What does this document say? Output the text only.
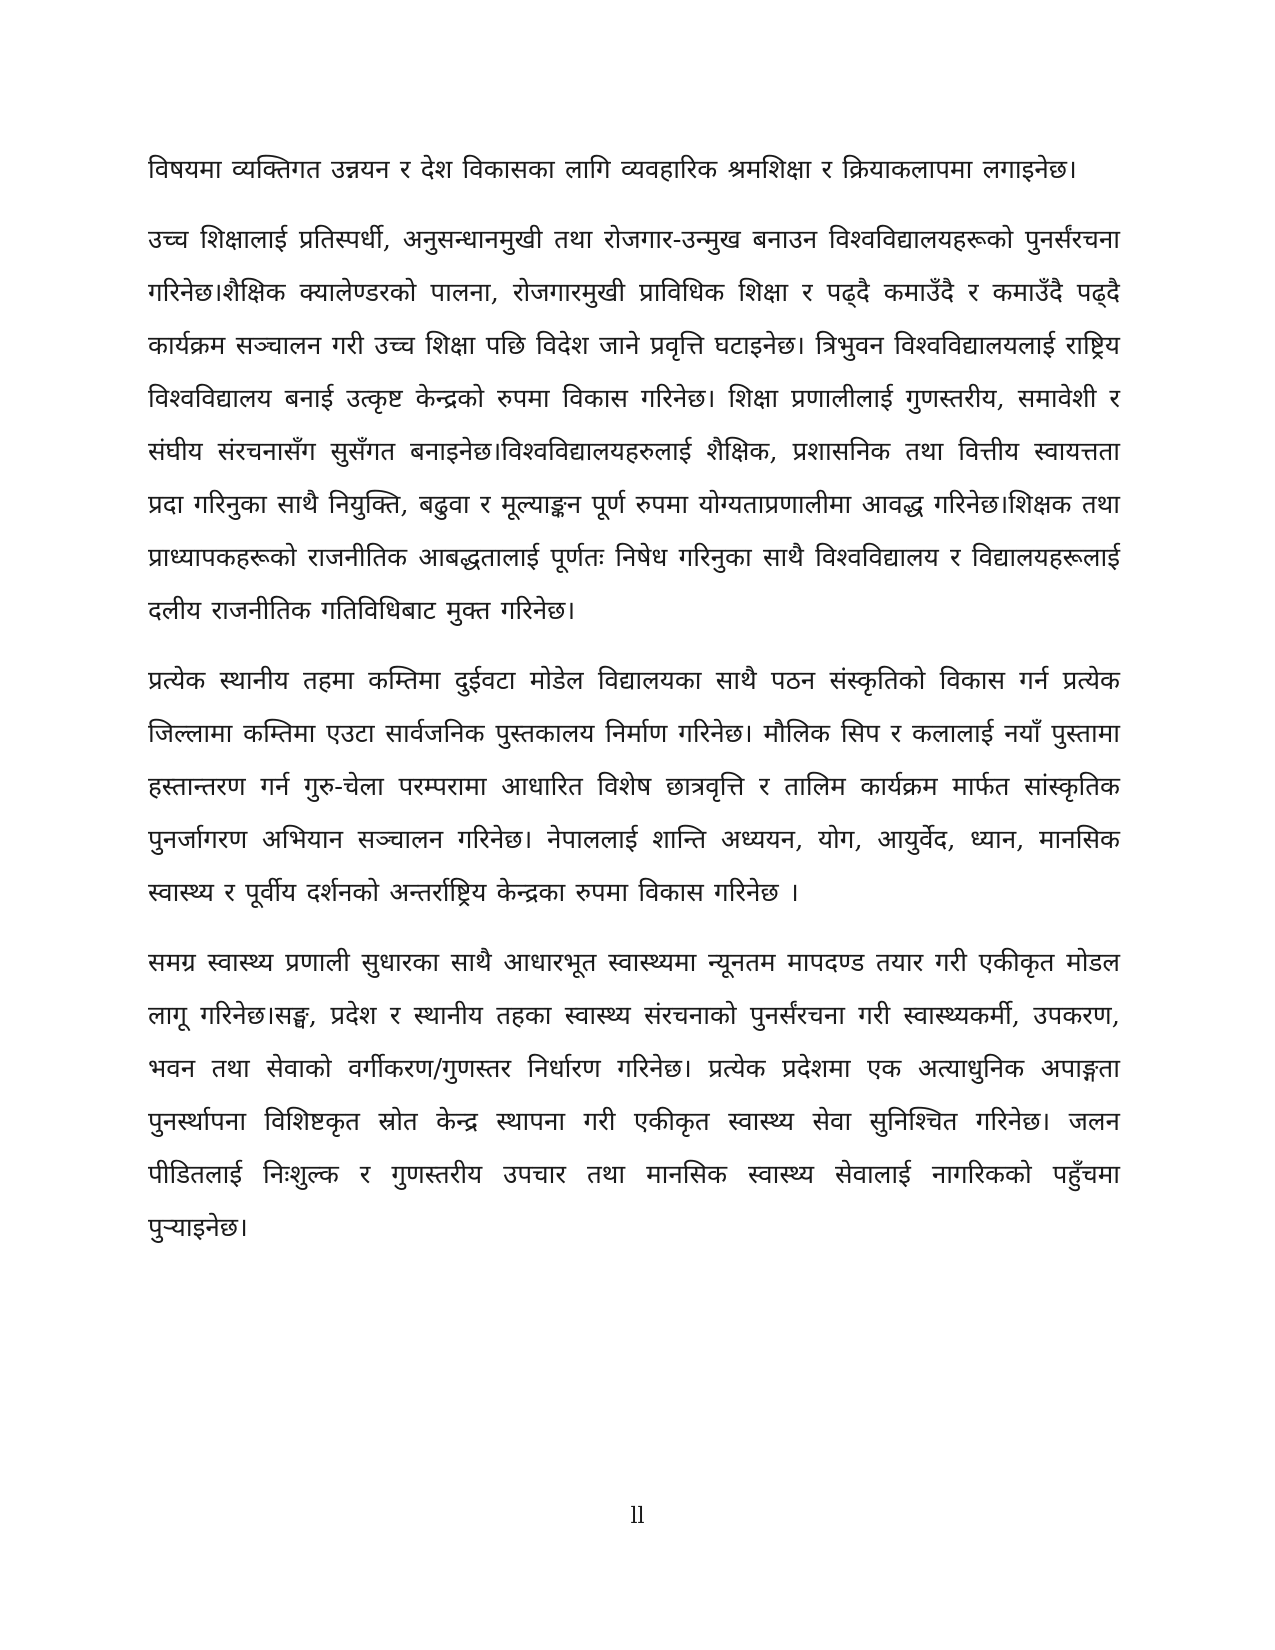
विषयमा व्यक्तिगत उन्नयन र देश विकासका लागि व्यवहारिक श्रमशिक्षा र क्रियाकलापमा लगाइनेछ।

उच्च शिक्षालाई प्रतिस्पर्धी, अनुसन्धानमुखी तथा रोजगार-उन्मुख बनाउन विश्वविद्यालयहरूको पुनर्संरचना गरिनेछ।शैक्षिक क्यालेण्डरको पालना, रोजगारमुखी प्राविधिक शिक्षा र पढ्दै कमाउँदै र कमाउँदै पढ्दै कार्यक्रम सञ्चालन गरी उच्च शिक्षा पछि विदेश जाने प्रवृत्ति घटाइनेछ। त्रिभुवन विश्वविद्यालयलाई राष्ट्रिय विश्वविद्यालय बनाई उत्कृष्ट केन्द्रको रुपमा विकास गरिनेछ। शिक्षा प्रणालीलाई गुणस्तरीय, समावेशी र संघीय संरचनासँग सुसँगत बनाइनेछ।विश्वविद्यालयहरुलाई शैक्षिक, प्रशासनिक तथा वित्तीय स्वायत्तता प्रदा गरिनुका साथै नियुक्ति, बढुवा र मूल्याङ्कन पूर्ण रुपमा योग्यताप्रणालीमा आवद्ध गरिनेछ।शिक्षक तथा प्राध्यापकहरूको राजनीतिक आबद्धतालाई पूर्णतः निषेध गरिनुका साथै विश्वविद्यालय र विद्यालयहरूलाई दलीय राजनीतिक गतिविधिबाट मुक्त गरिनेछ।

प्रत्येक स्थानीय तहमा कम्तिमा दुईवटा मोडेल विद्यालयका साथै पठन संस्कृतिको विकास गर्न प्रत्येक जिल्लामा कम्तिमा एउटा सार्वजनिक पुस्तकालय निर्माण गरिनेछ। मौलिक सिप र कलालाई नयाँ पुस्तामा हस्तान्तरण गर्न गुरु-चेला परम्परामा आधारित विशेष छात्रवृत्ति र तालिम कार्यक्रम मार्फत सांस्कृतिक पुनर्जागरण अभियान सञ्चालन गरिनेछ। नेपाललाई शान्ति अध्ययन, योग, आयुर्वेद, ध्यान, मानसिक स्वास्थ्य र पूर्वीय दर्शनको अन्तर्राष्ट्रिय केन्द्रका रुपमा विकास गरिनेछ ।

समग्र स्वास्थ्य प्रणाली सुधारका साथै आधारभूत स्वास्थ्यमा न्यूनतम मापदण्ड तयार गरी एकीकृत मोडल लागू गरिनेछ।सङ्घ, प्रदेश र स्थानीय तहका स्वास्थ्य संरचनाको पुनर्संरचना गरी स्वास्थ्यकर्मी, उपकरण, भवन तथा सेवाको वर्गीकरण/गुणस्तर निर्धारण गरिनेछ। प्रत्येक प्रदेशमा एक अत्याधुनिक अपाङ्गता पुनर्स्थापना विशिष्टकृत स्रोत केन्द्र स्थापना गरी एकीकृत स्वास्थ्य सेवा सुनिश्चित गरिनेछ। जलन पीडितलाई निःशुल्क र गुणस्तरीय उपचार तथा मानसिक स्वास्थ्य सेवालाई नागरिकको पहुँचमा पुऱ्याइनेछ।

ll
